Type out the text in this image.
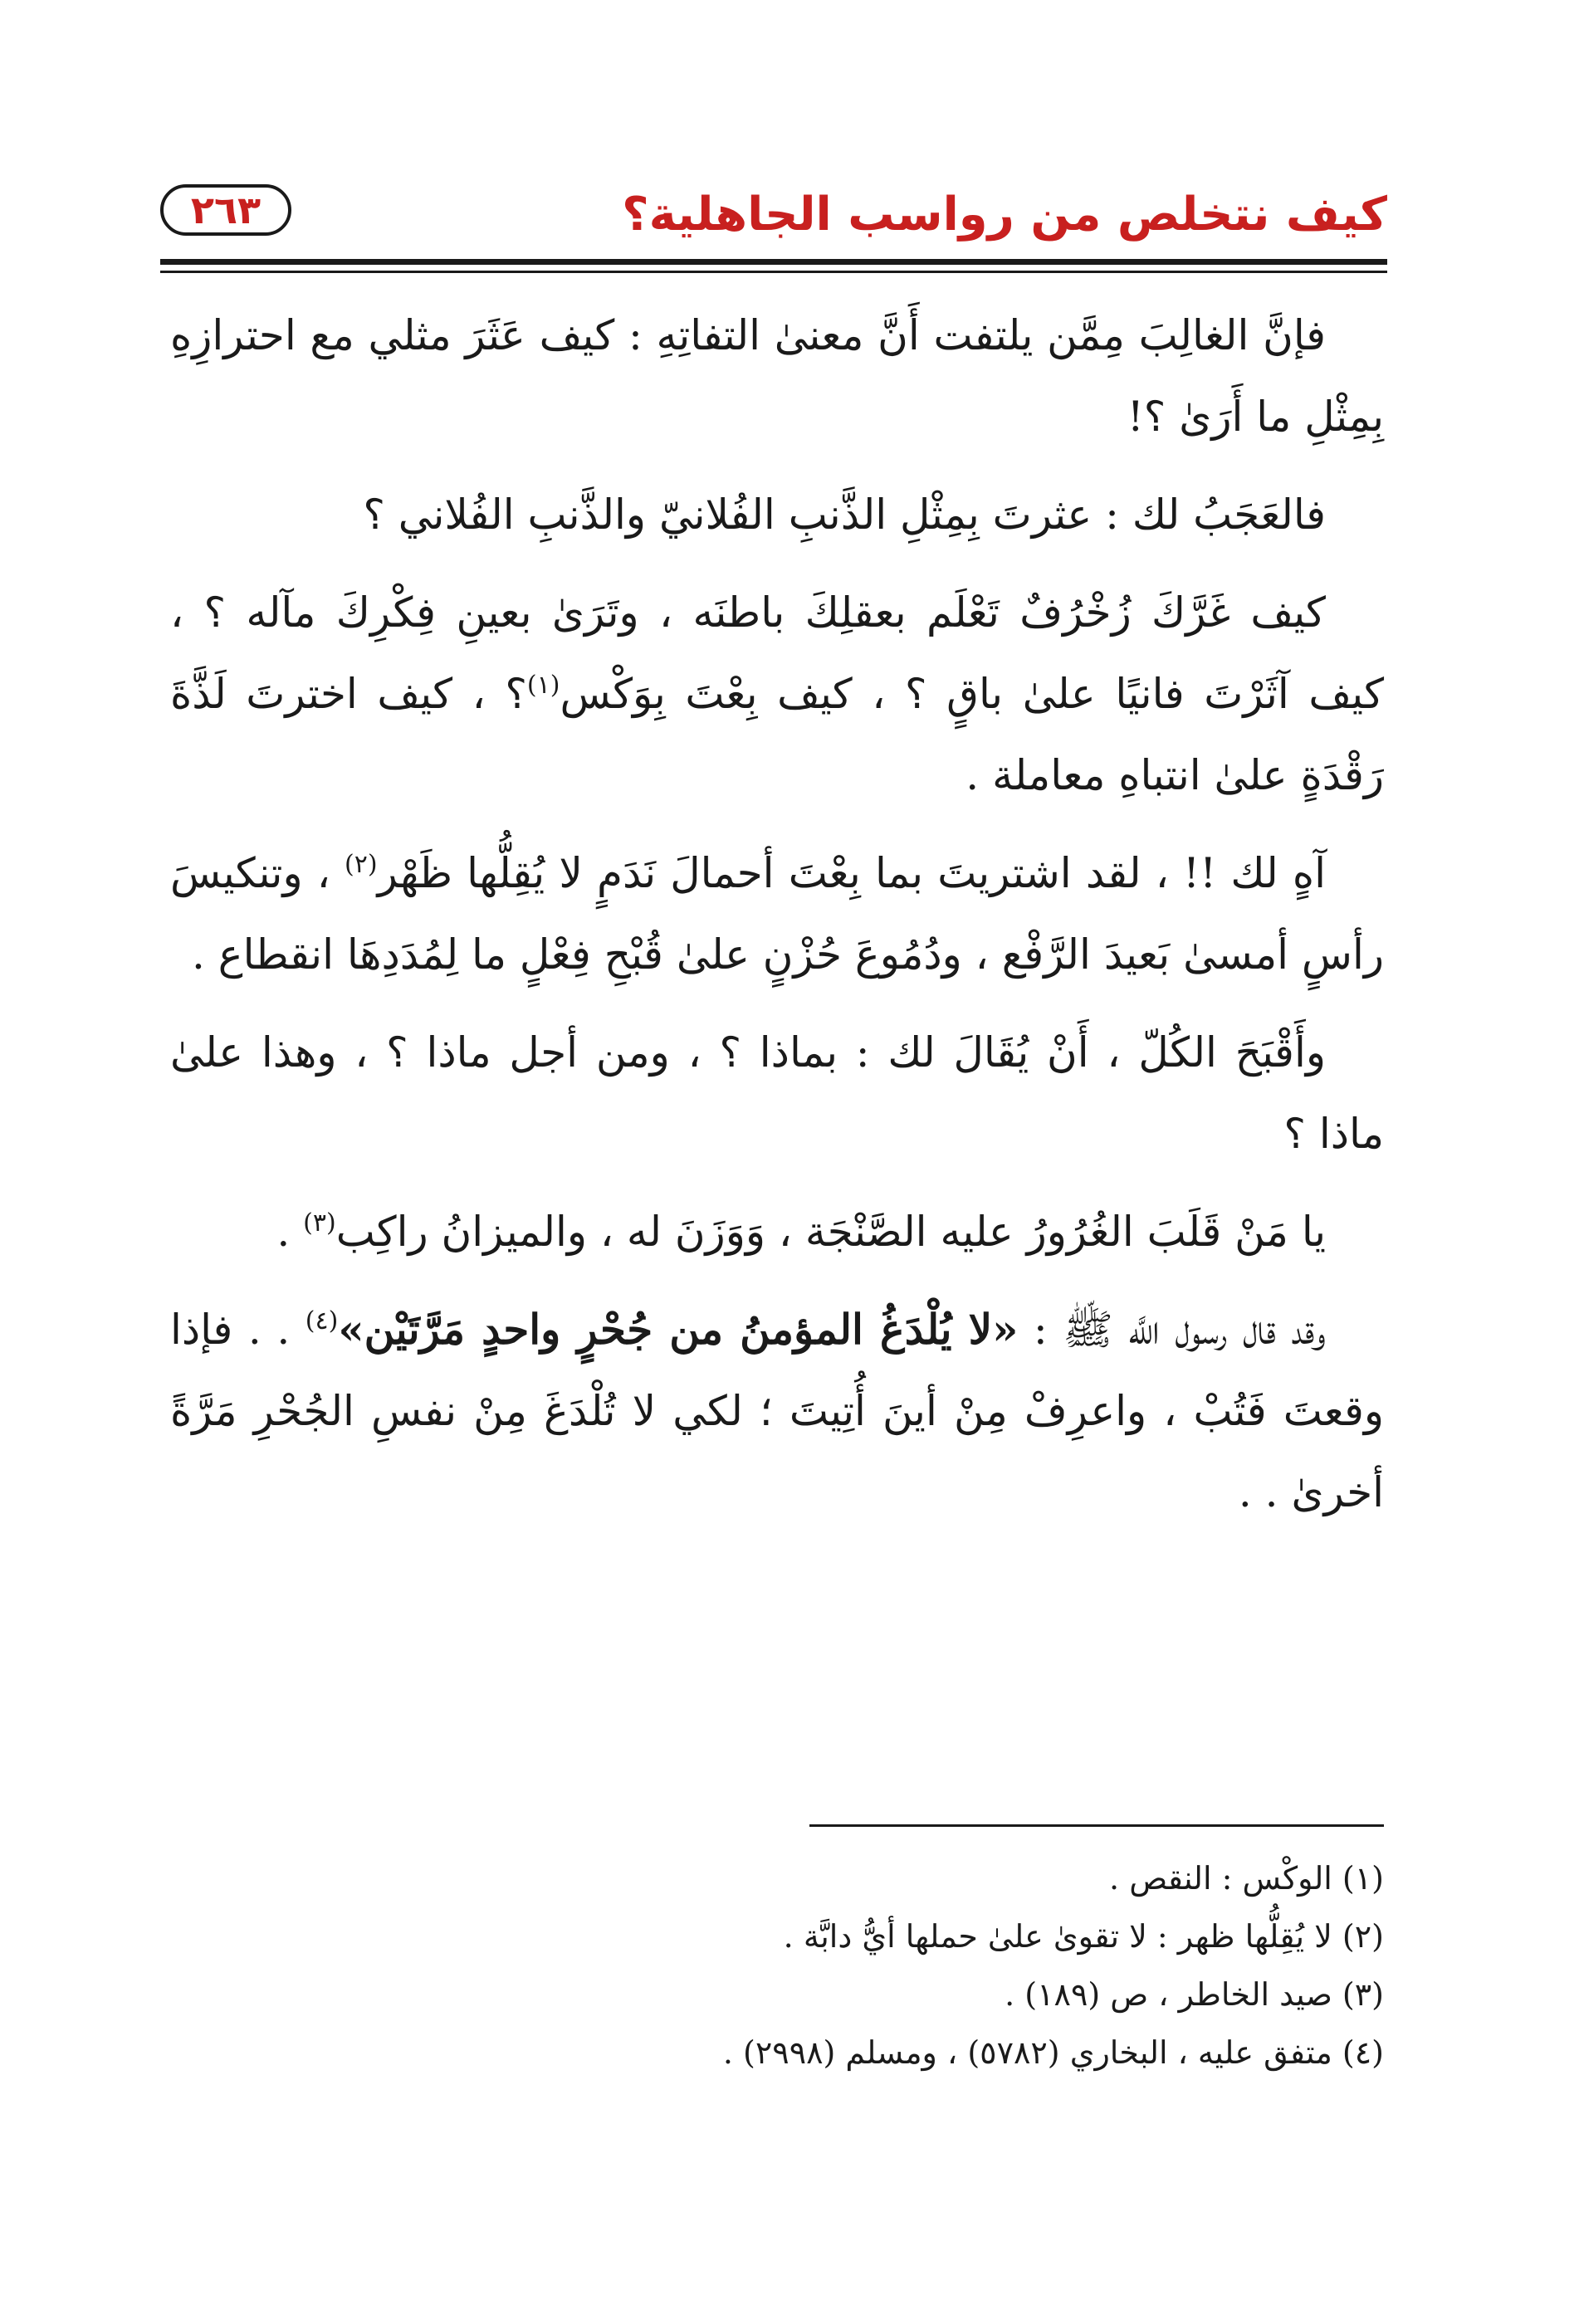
كيف نتخلص من رواسب الجاهلية؟
٢٦٣

فإنَّ الغالِبَ مِمَّن يلتفت أَنَّ معنىٰ التفاتِهِ : كيف عَثَرَ مثلي مع احترازِهِ بِمِثْلِ ما أَرَىٰ ؟!

فالعَجَبُ لك : عثرتَ بِمِثْلِ الذَّنبِ الفُلانيّ والذَّنبِ الفُلاني ؟

كيف غَرَّكَ زُخْرُفٌ تَعْلَم بعقلِكَ باطنَه ، وتَرَىٰ بعينِ فِكْرِكَ مآله ؟ ، كيف آثَرْتَ فانيًا علىٰ باقٍ ؟ ، كيف بِعْتَ بِوَكْس$^{(١)}$؟ ، كيف اخترتَ لَذَّةَ رَقْدَةٍ علىٰ انتباهِ معاملة .

آهٍ لك !! ، لقد اشتريتَ بما بِعْتَ أحمالَ نَدَمٍ لا يُقِلُّها ظَهْر$^{(٢)}$ ، وتنكيسَ رأسٍ أمسىٰ بَعيدَ الرَّفْع ، ودُمُوعَ حُزْنٍ علىٰ قُبْحِ فِعْلٍ ما لِمُدَدِهَا انقطاع .

وأَقْبَحَ الكُلّ ، أَنْ يُقَالَ لك : بماذا ؟ ، ومن أجل ماذا ؟ ، وهذا علىٰ ماذا ؟

يا مَنْ قَلَبَ الغُرُورُ عليه الصَّنْجَة ، وَوَزَنَ له ، والميزانُ راكِب$^{(٣)}$ .

وقد قال رسول اللَّه ﷺ : «لا يُلْدَغُ المؤمنُ من جُحْرٍ واحدٍ مَرَّتَيْن»$^{(٤)}$ . . فإذا وقعتَ فَتُبْ ، واعرِفْ مِنْ أينَ أُتِيتَ ؛ لكي لا تُلْدَغَ مِنْ نفسِ الجُحْرِ مَرَّةً أخرىٰ . .

(١) الوكْس : النقص .
(٢) لا يُقِلُّها ظهر : لا تقوىٰ علىٰ حملها أيُّ دابَّة .
(٣) صيد الخاطر ، ص (١٨٩) .
(٤) متفق عليه ، البخاري (٥٧٨٢) ، ومسلم (٢٩٩٨) .
